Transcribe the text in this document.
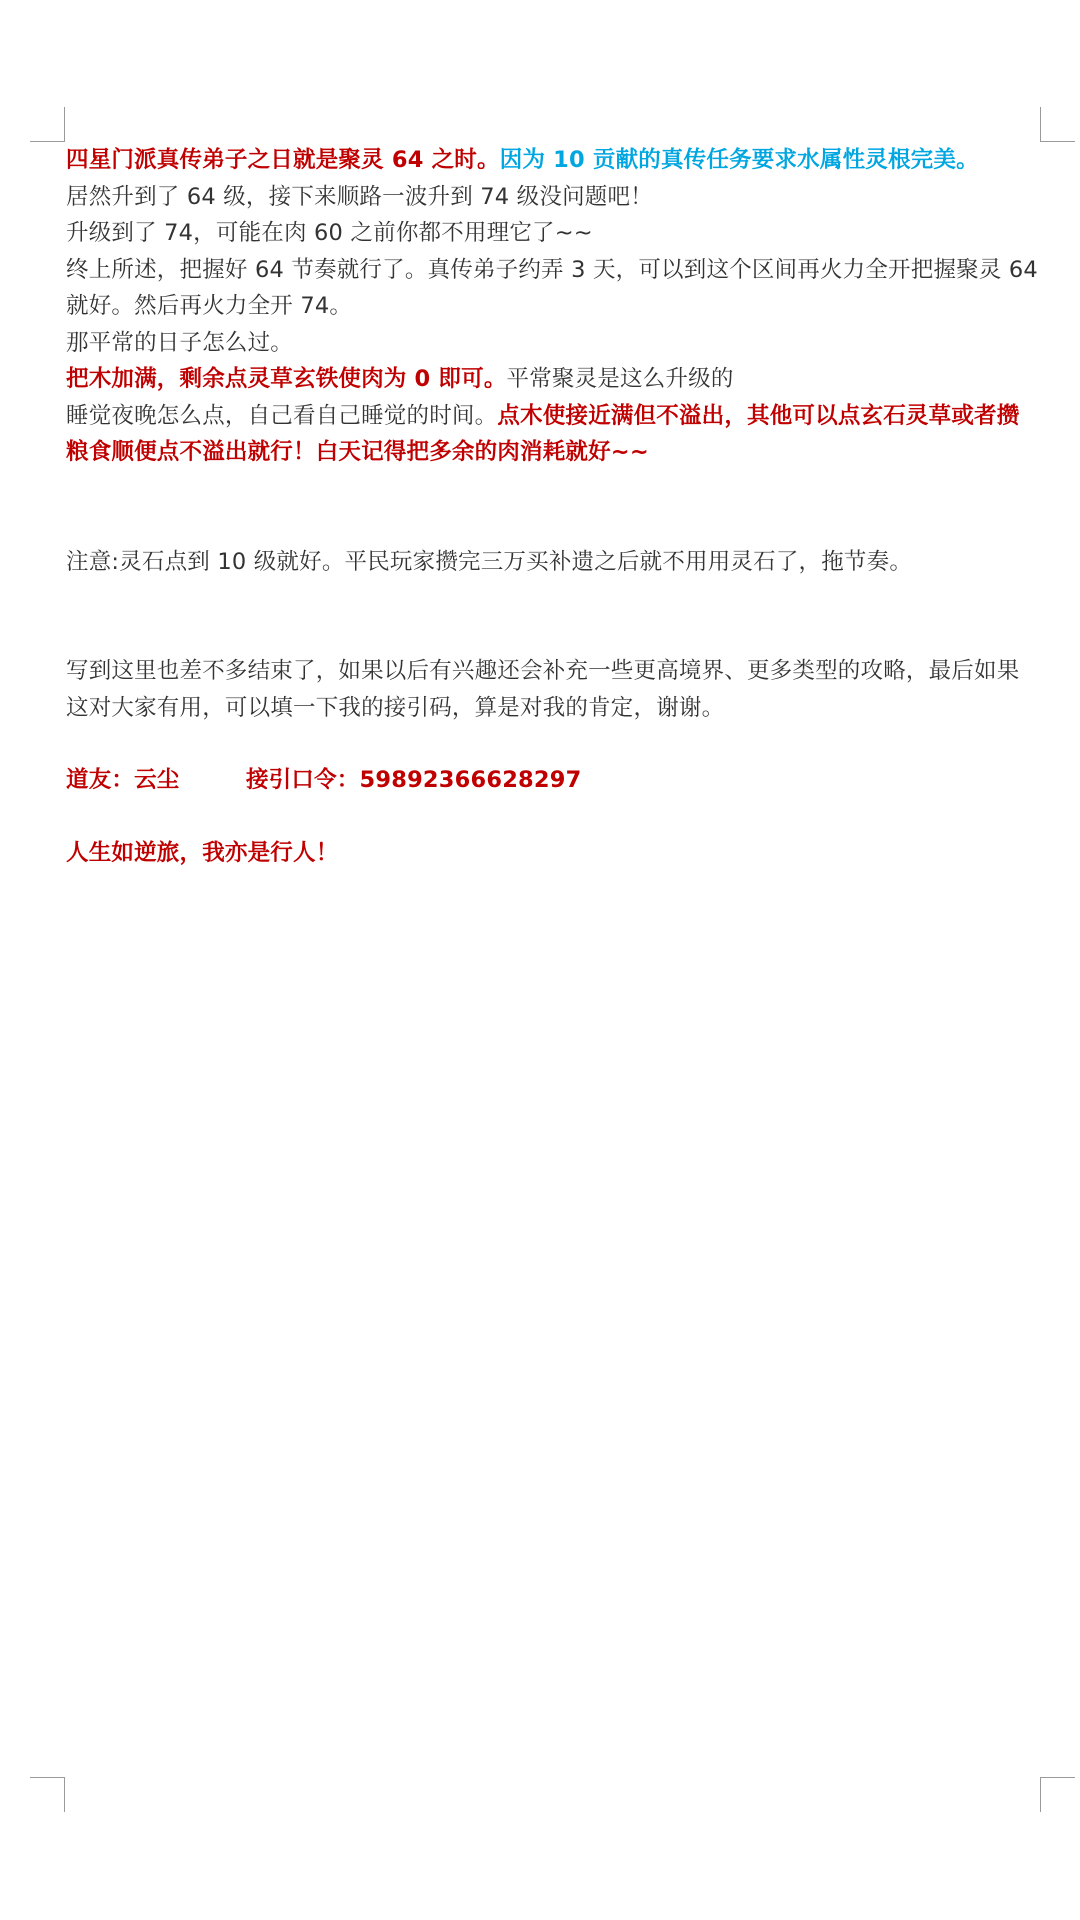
四星门派真传弟子之日就是聚灵 64 之时。因为 10 贡献的真传任务要求水属性灵根完美。

居然升到了 64 级，接下来顺路一波升到 74 级没问题吧！

升级到了 74，可能在肉 60 之前你都不用理它了~~

终上所述，把握好 64 节奏就行了。真传弟子约弄 3 天，可以到这个区间再火力全开把握聚灵 64 就好。然后再火力全开 74。

那平常的日子怎么过。

把木加满，剩余点灵草玄铁使肉为 0 即可。平常聚灵是这么升级的

睡觉夜晚怎么点，自己看自己睡觉的时间。点木使接近满但不溢出，其他可以点玄石灵草或者攒粮食顺便点不溢出就行！白天记得把多余的肉消耗就好~~

注意:灵石点到 10 级就好。平民玩家攒完三万买补遗之后就不用用灵石了，拖节奏。

写到这里也差不多结束了，如果以后有兴趣还会补充一些更高境界、更多类型的攻略，最后如果这对大家有用，可以填一下我的接引码，算是对我的肯定，谢谢。

道友：云尘	接引口令：59892366628297

人生如逆旅，我亦是行人！
